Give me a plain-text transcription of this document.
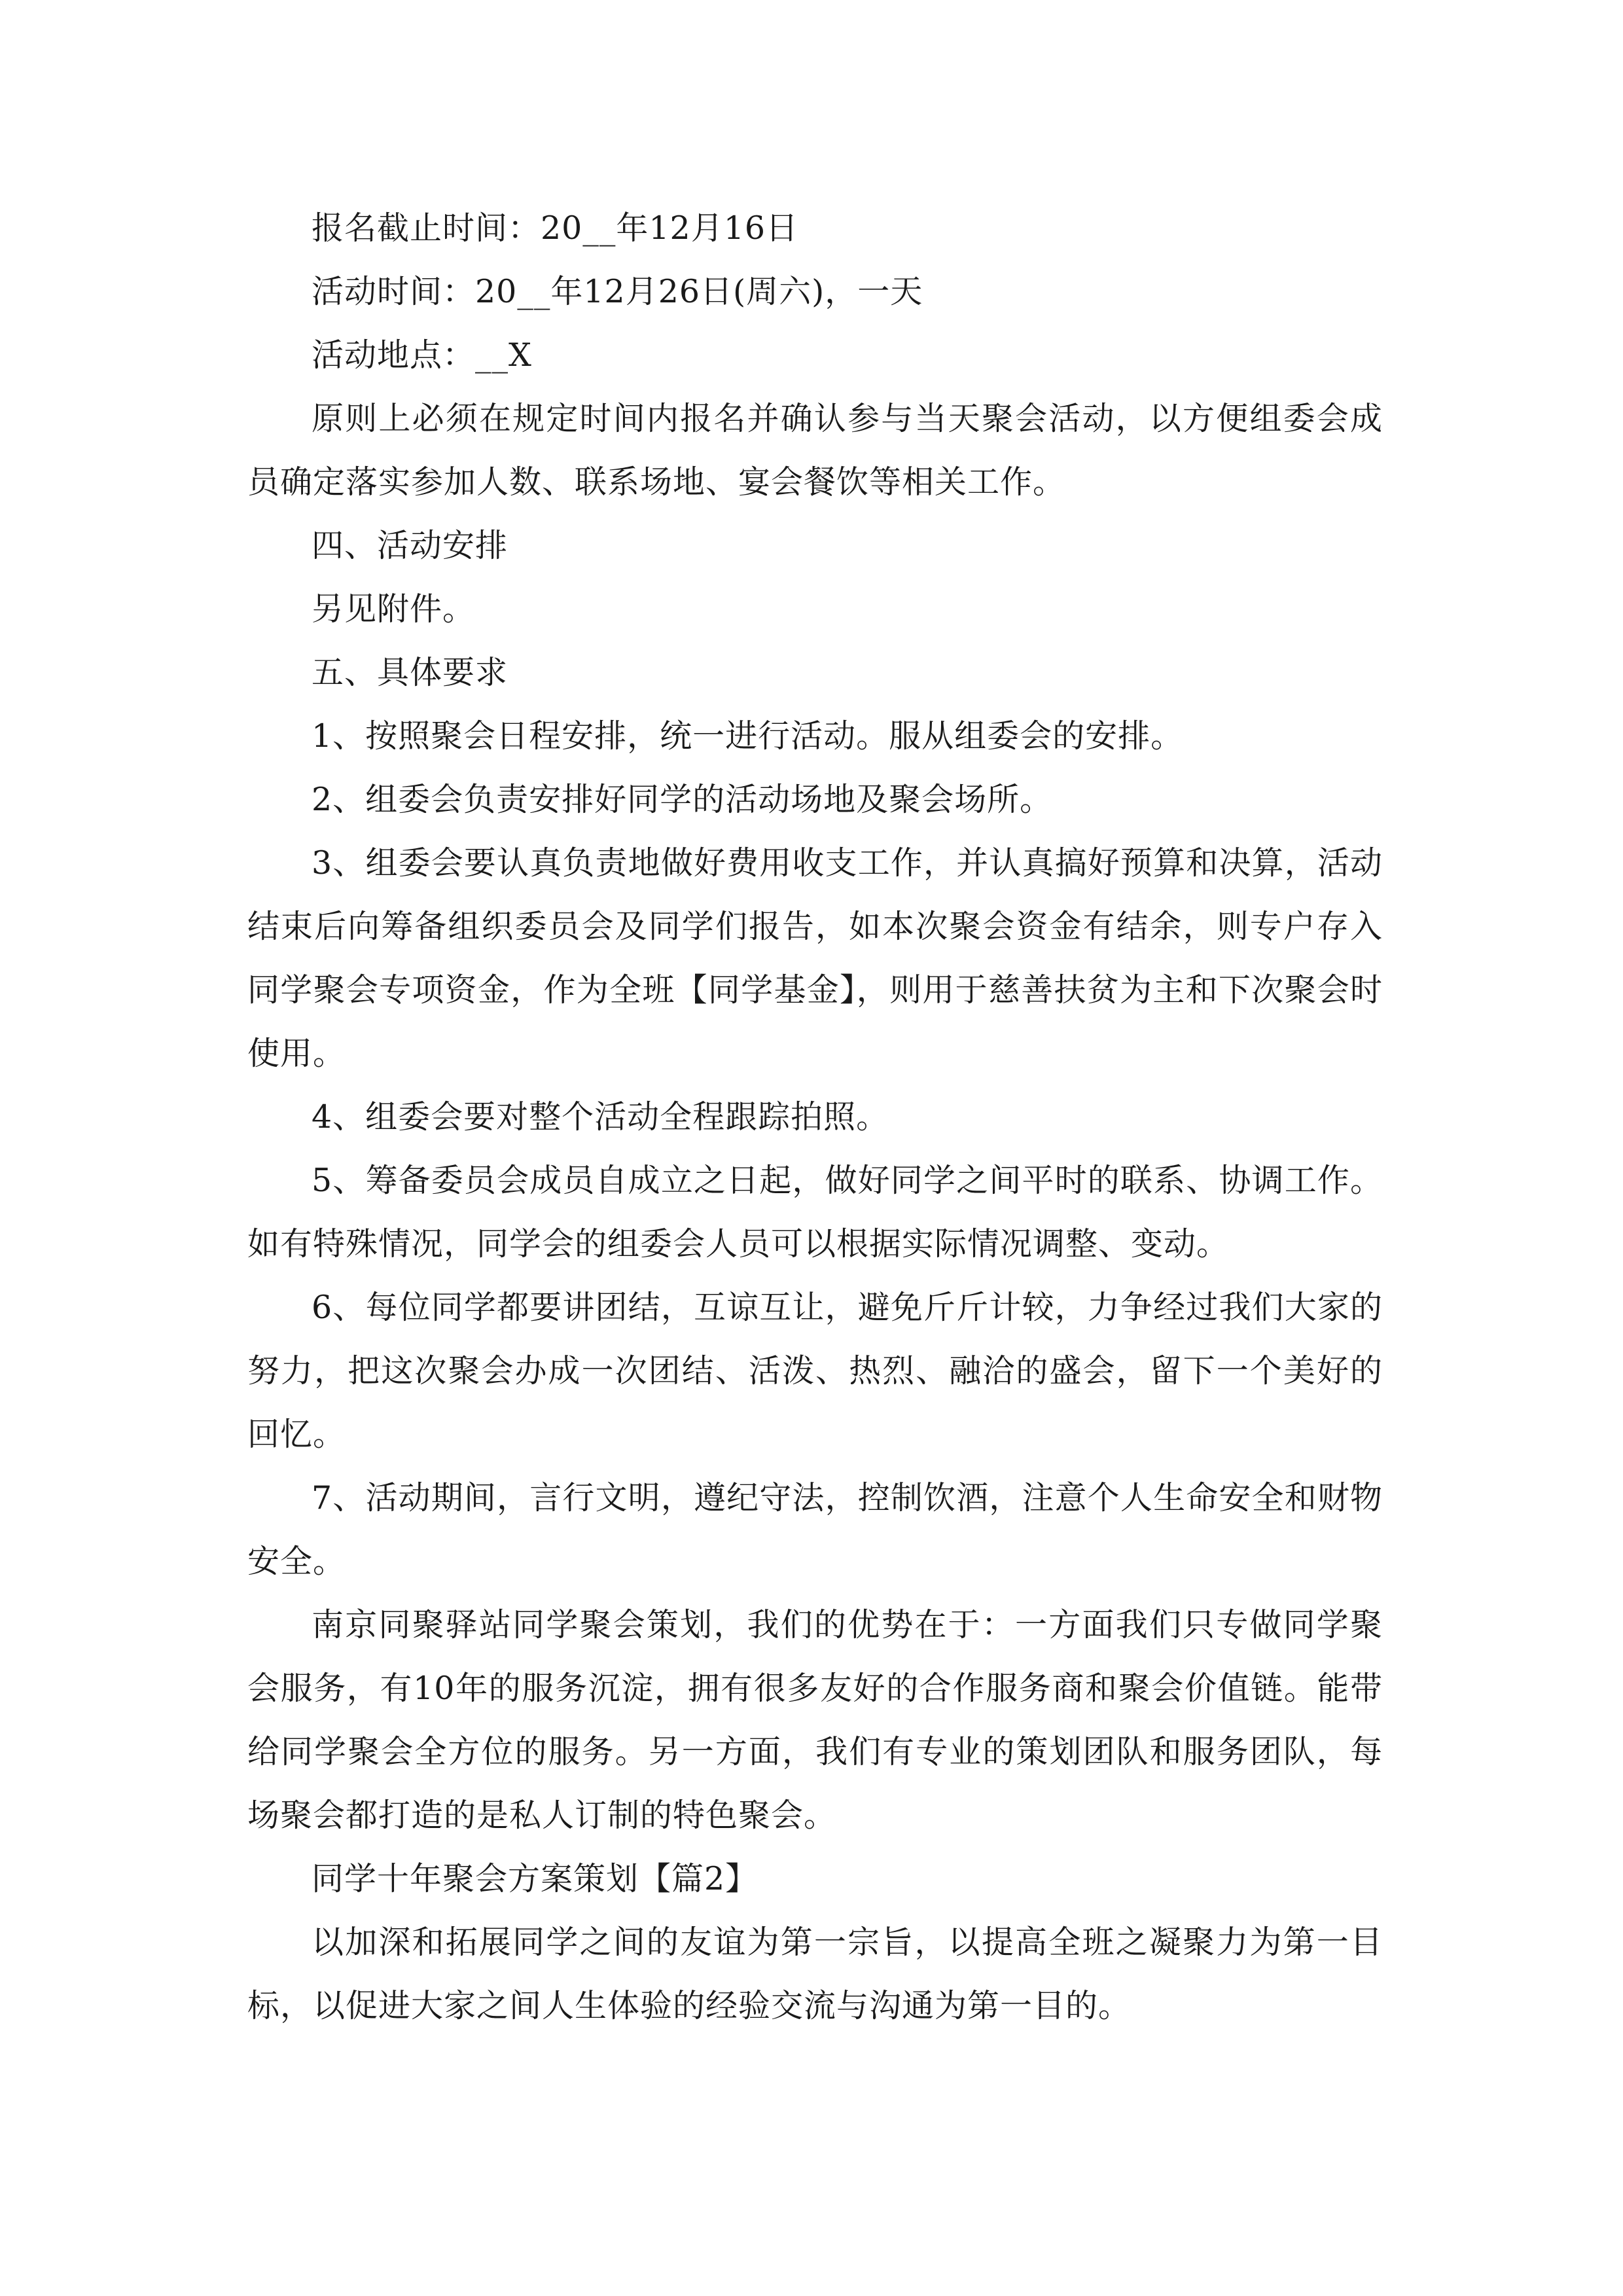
报名截止时间：20__年12月16日

活动时间：20__年12月26日(周六)，一天

活动地点：__X

原则上必须在规定时间内报名并确认参与当天聚会活动，以方便组委会成员确定落实参加人数、联系场地、宴会餐饮等相关工作。

四、活动安排

另见附件。

五、具体要求

1、按照聚会日程安排，统一进行活动。服从组委会的安排。

2、组委会负责安排好同学的活动场地及聚会场所。

3、组委会要认真负责地做好费用收支工作，并认真搞好预算和决算，活动结束后向筹备组织委员会及同学们报告，如本次聚会资金有结余，则专户存入同学聚会专项资金，作为全班【同学基金】，则用于慈善扶贫为主和下次聚会时使用。

4、组委会要对整个活动全程跟踪拍照。

5、筹备委员会成员自成立之日起，做好同学之间平时的联系、协调工作。如有特殊情况，同学会的组委会人员可以根据实际情况调整、变动。

6、每位同学都要讲团结，互谅互让，避免斤斤计较，力争经过我们大家的努力，把这次聚会办成一次团结、活泼、热烈、融洽的盛会，留下一个美好的回忆。

7、活动期间，言行文明，遵纪守法，控制饮酒，注意个人生命安全和财物安全。

南京同聚驿站同学聚会策划，我们的优势在于：一方面我们只专做同学聚会服务，有10年的服务沉淀，拥有很多友好的合作服务商和聚会价值链。能带给同学聚会全方位的服务。另一方面，我们有专业的策划团队和服务团队，每场聚会都打造的是私人订制的特色聚会。

同学十年聚会方案策划【篇2】

以加深和拓展同学之间的友谊为第一宗旨，以提高全班之凝聚力为第一目标，以促进大家之间人生体验的经验交流与沟通为第一目的。
